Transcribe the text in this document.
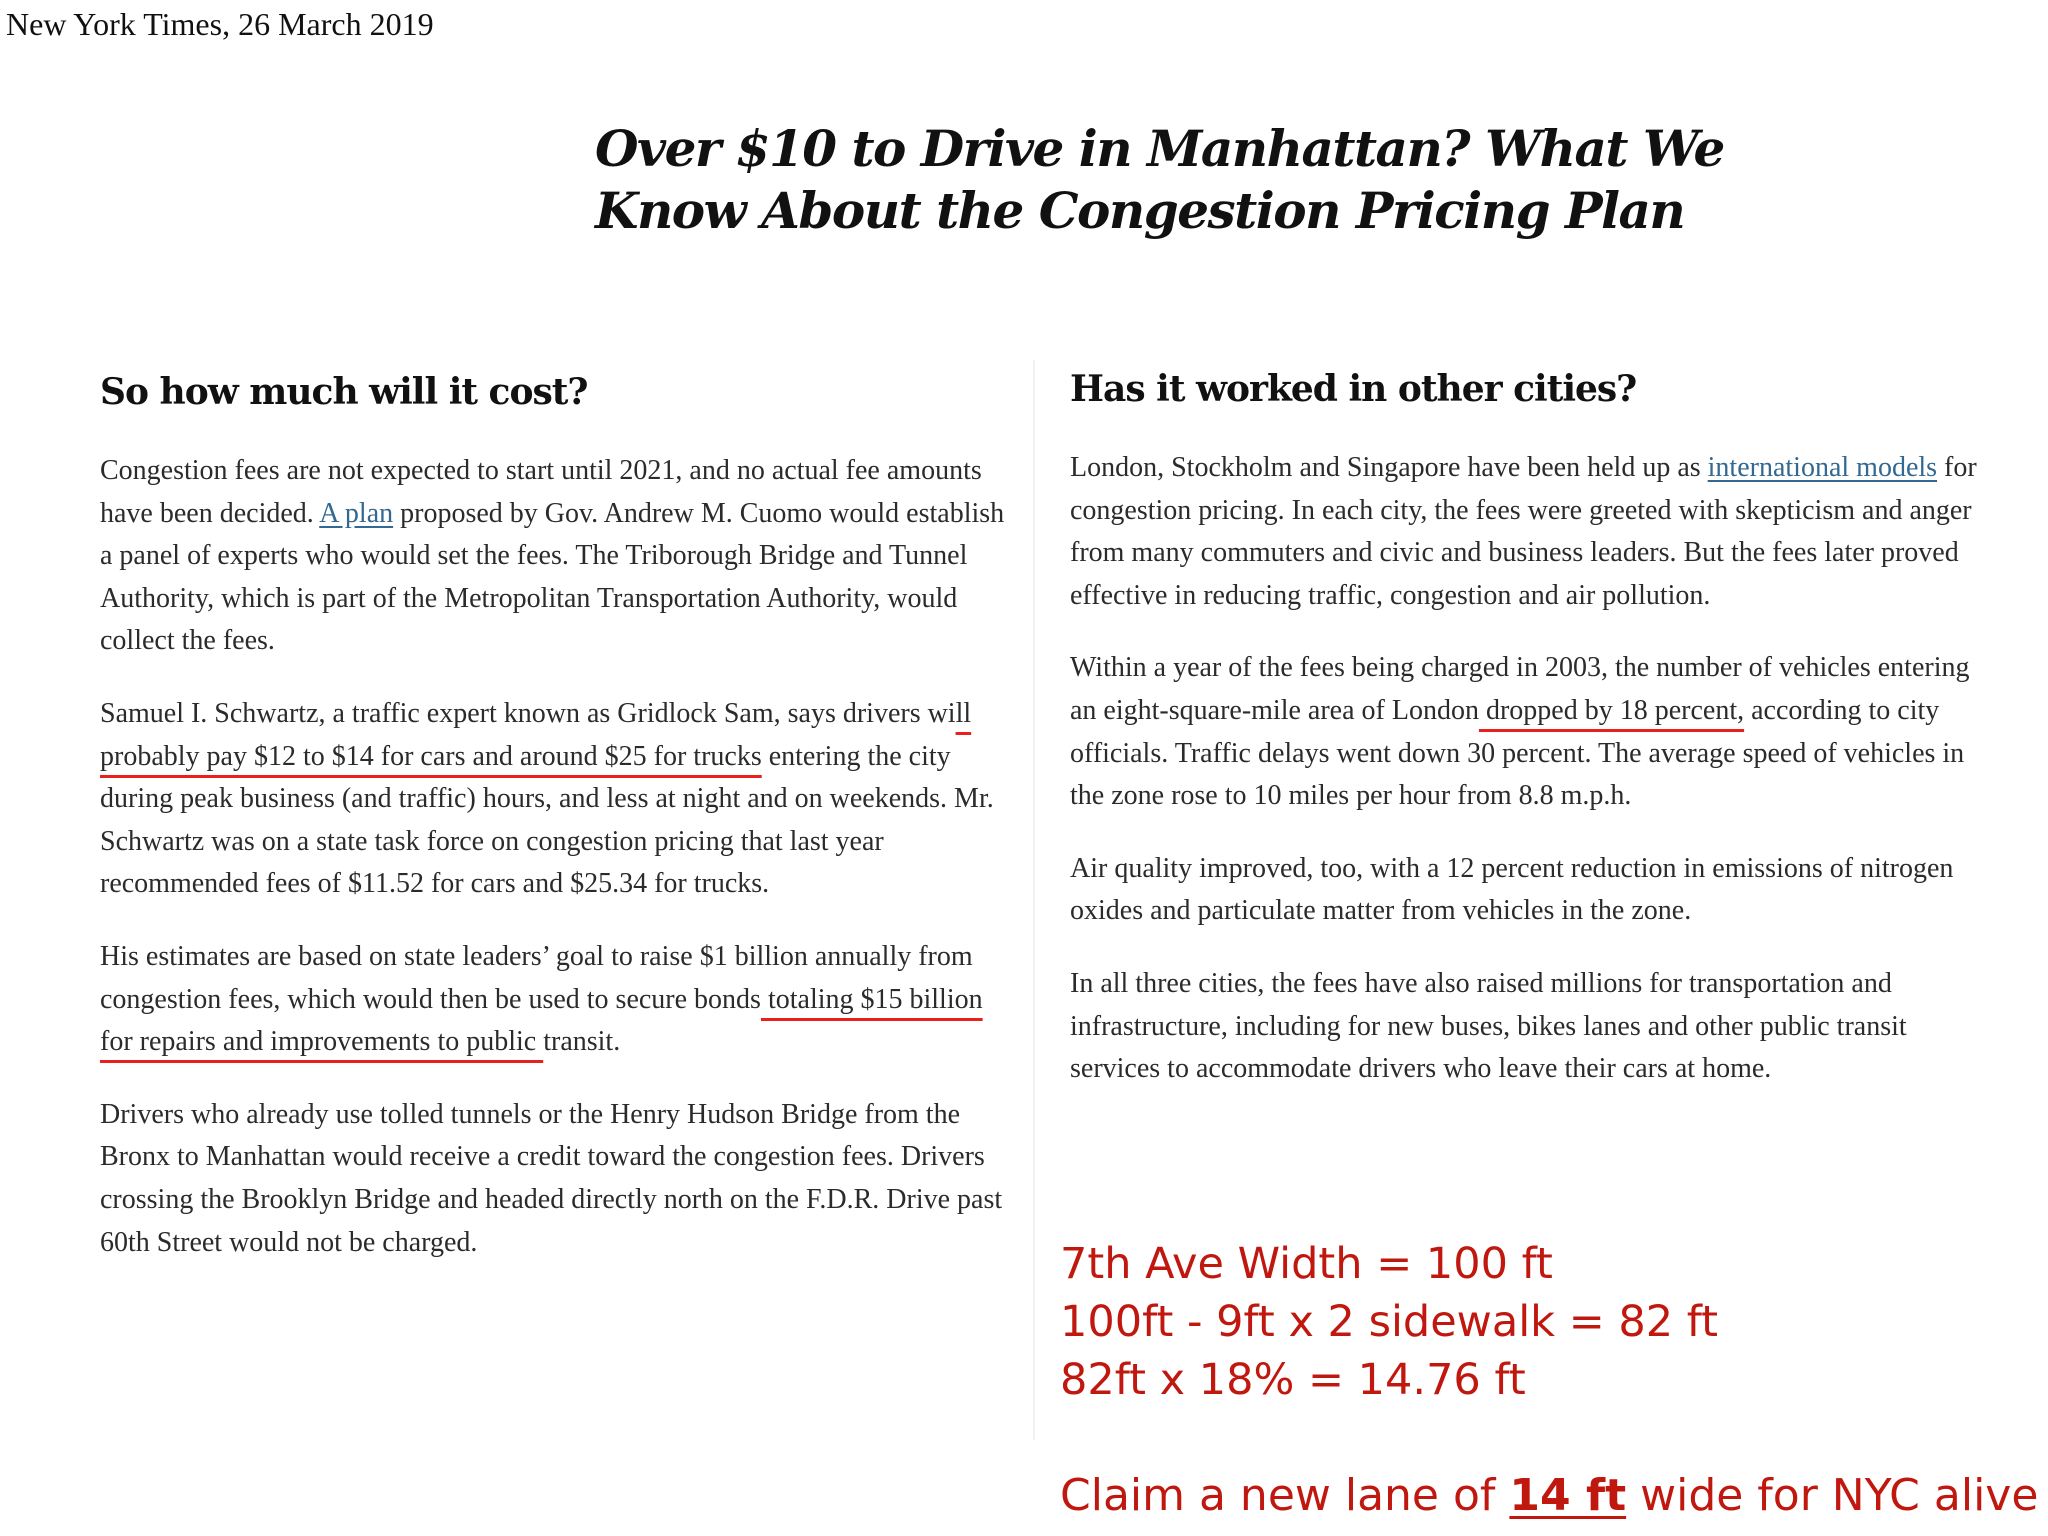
New York Times, 26 March 2019
Over $10 to Drive in Manhattan? What We
Know About the Congestion Pricing Plan
So how much will it cost?

Congestion fees are not expected to start until 2021, and no actual fee amounts have been decided. A plan proposed by Gov. Andrew M. Cuomo would establish a panel of experts who would set the fees. The Triborough Bridge and Tunnel Authority, which is part of the Metropolitan Transportation Authority, would collect the fees.

Samuel I. Schwartz, a traffic expert known as Gridlock Sam, says drivers will probably pay $12 to $14 for cars and around $25 for trucks entering the city during peak business (and traffic) hours, and less at night and on weekends. Mr. Schwartz was on a state task force on congestion pricing that last year recommended fees of $11.52 for cars and $25.34 for trucks.

His estimates are based on state leaders’ goal to raise $1 billion annually from congestion fees, which would then be used to secure bonds totaling $15 billion for repairs and improvements to public transit.

Drivers who already use tolled tunnels or the Henry Hudson Bridge from the Bronx to Manhattan would receive a credit toward the congestion fees. Drivers crossing the Brooklyn Bridge and headed directly north on the F.D.R. Drive past 60th Street would not be charged.

Has it worked in other cities?

London, Stockholm and Singapore have been held up as international models for congestion pricing. In each city, the fees were greeted with skepticism and anger from many commuters and civic and business leaders. But the fees later proved effective in reducing traffic, congestion and air pollution.

Within a year of the fees being charged in 2003, the number of vehicles entering an eight-square-mile area of London dropped by 18 percent, according to city officials. Traffic delays went down 30 percent. The average speed of vehicles in the zone rose to 10 miles per hour from 8.8 m.p.h.

Air quality improved, too, with a 12 percent reduction in emissions of nitrogen oxides and particulate matter from vehicles in the zone.

In all three cities, the fees have also raised millions for transportation and infrastructure, including for new buses, bikes lanes and other public transit services to accommodate drivers who leave their cars at home.

7th Ave Width = 100 ft
100ft - 9ft x 2 sidewalk = 82 ft
82ft x 18% = 14.76 ft
Claim a new lane of 14 ft wide for NYC alive
